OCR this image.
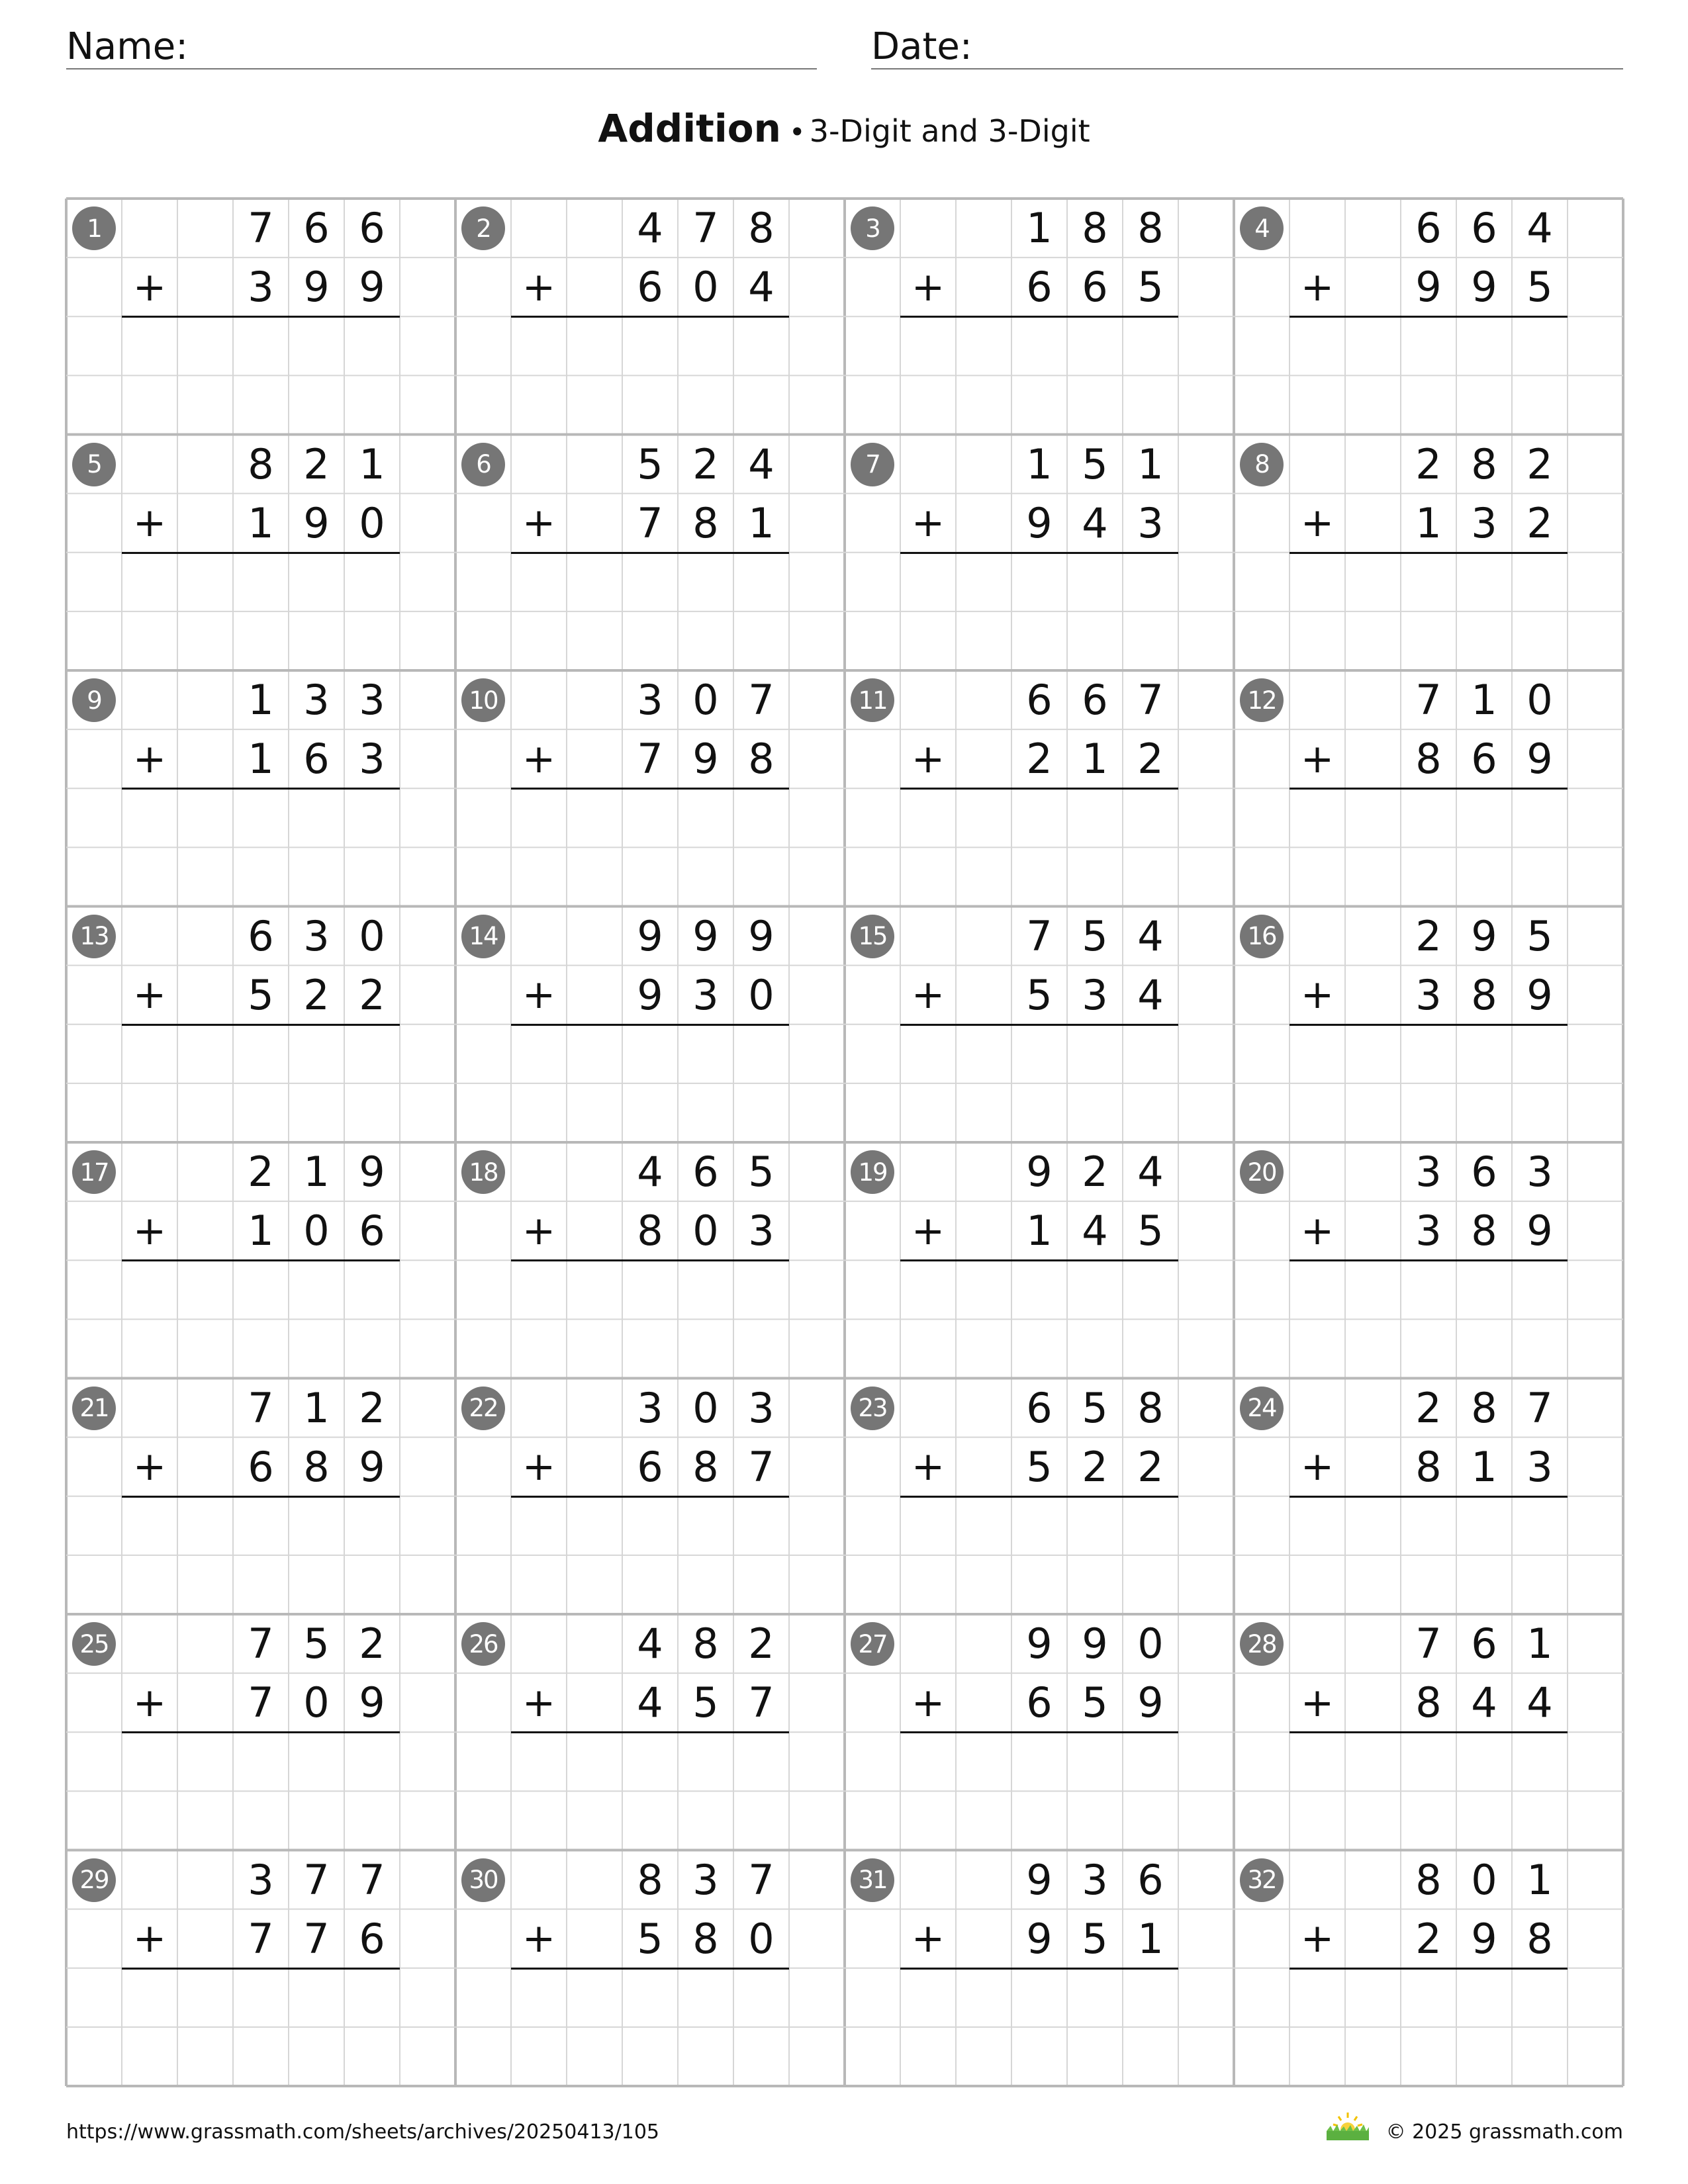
Name:	Date:
Addition • 3-Digit and 3-Digit
1	7 6 6
+	3 9 9
2	4 7 8
+	6 0 4
3	1 8 8
+	6 6 5
4	6 6 4
+	9 9 5
5	8 2 1
+	1 9 0
6	5 2 4
+	7 8 1
7	1 5 1
+	9 4 3
8	2 8 2
+	1 3 2
9	1 3 3
+	1 6 3
10	3 0 7
+	7 9 8
11	6 6 7
+	2 1 2
12	7 1 0
+	8 6 9
13	6 3 0
+	5 2 2
14	9 9 9
+	9 3 0
15	7 5 4
+	5 3 4
16	2 9 5
+	3 8 9
17	2 1 9
+	1 0 6
18	4 6 5
+	8 0 3
19	9 2 4
+	1 4 5
20	3 6 3
+	3 8 9
21	7 1 2
+	6 8 9
22	3 0 3
+	6 8 7
23	6 5 8
+	5 2 2
24	2 8 7
+	8 1 3
25	7 5 2
+	7 0 9
26	4 8 2
+	4 5 7
27	9 9 0
+	6 5 9
28	7 6 1
+	8 4 4
29	3 7 7
+	7 7 6
30	8 3 7
+	5 8 0
31	9 3 6
+	9 5 1
32	8 0 1
+	2 9 8
https://www.grassmath.com/sheets/archives/20250413/105	© 2025 grassmath.com
